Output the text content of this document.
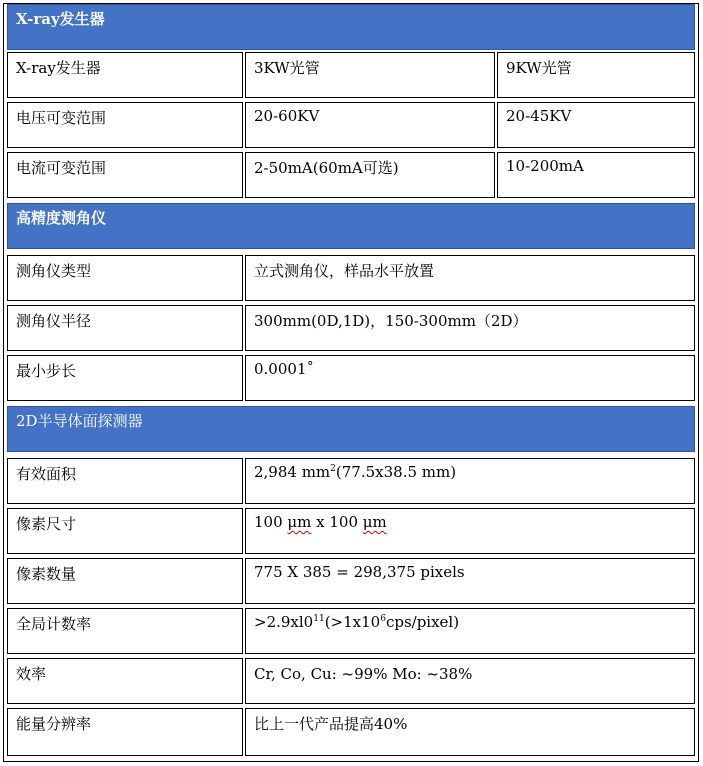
X-ray发生器
X-ray发生器	3KW光管	9KW光管
电压可变范围	20-60KV	20-45KV
电流可变范围	2-50mA(60mA可选)	10-200mA
高精度测角仪
测角仪类型	立式测角仪，样品水平放置
测角仪半径	300mm(0D,1D)，150-300mm（2D）
最小步长	0.0001˚
2D半导体面探测器
有效面积	2,984 $mm^2(77.5x38.5$ mm)
像素尺寸	100 μm x 100 μm
像素数量	775 X 385 = 298,375 pixels
全局计数率	$>2.9xl0^{11}(>1x10^6cps/pixel)$
效率	Cr, Co, Cu: ~99% Mo: ~38%
能量分辨率	比上一代产品提高40%
